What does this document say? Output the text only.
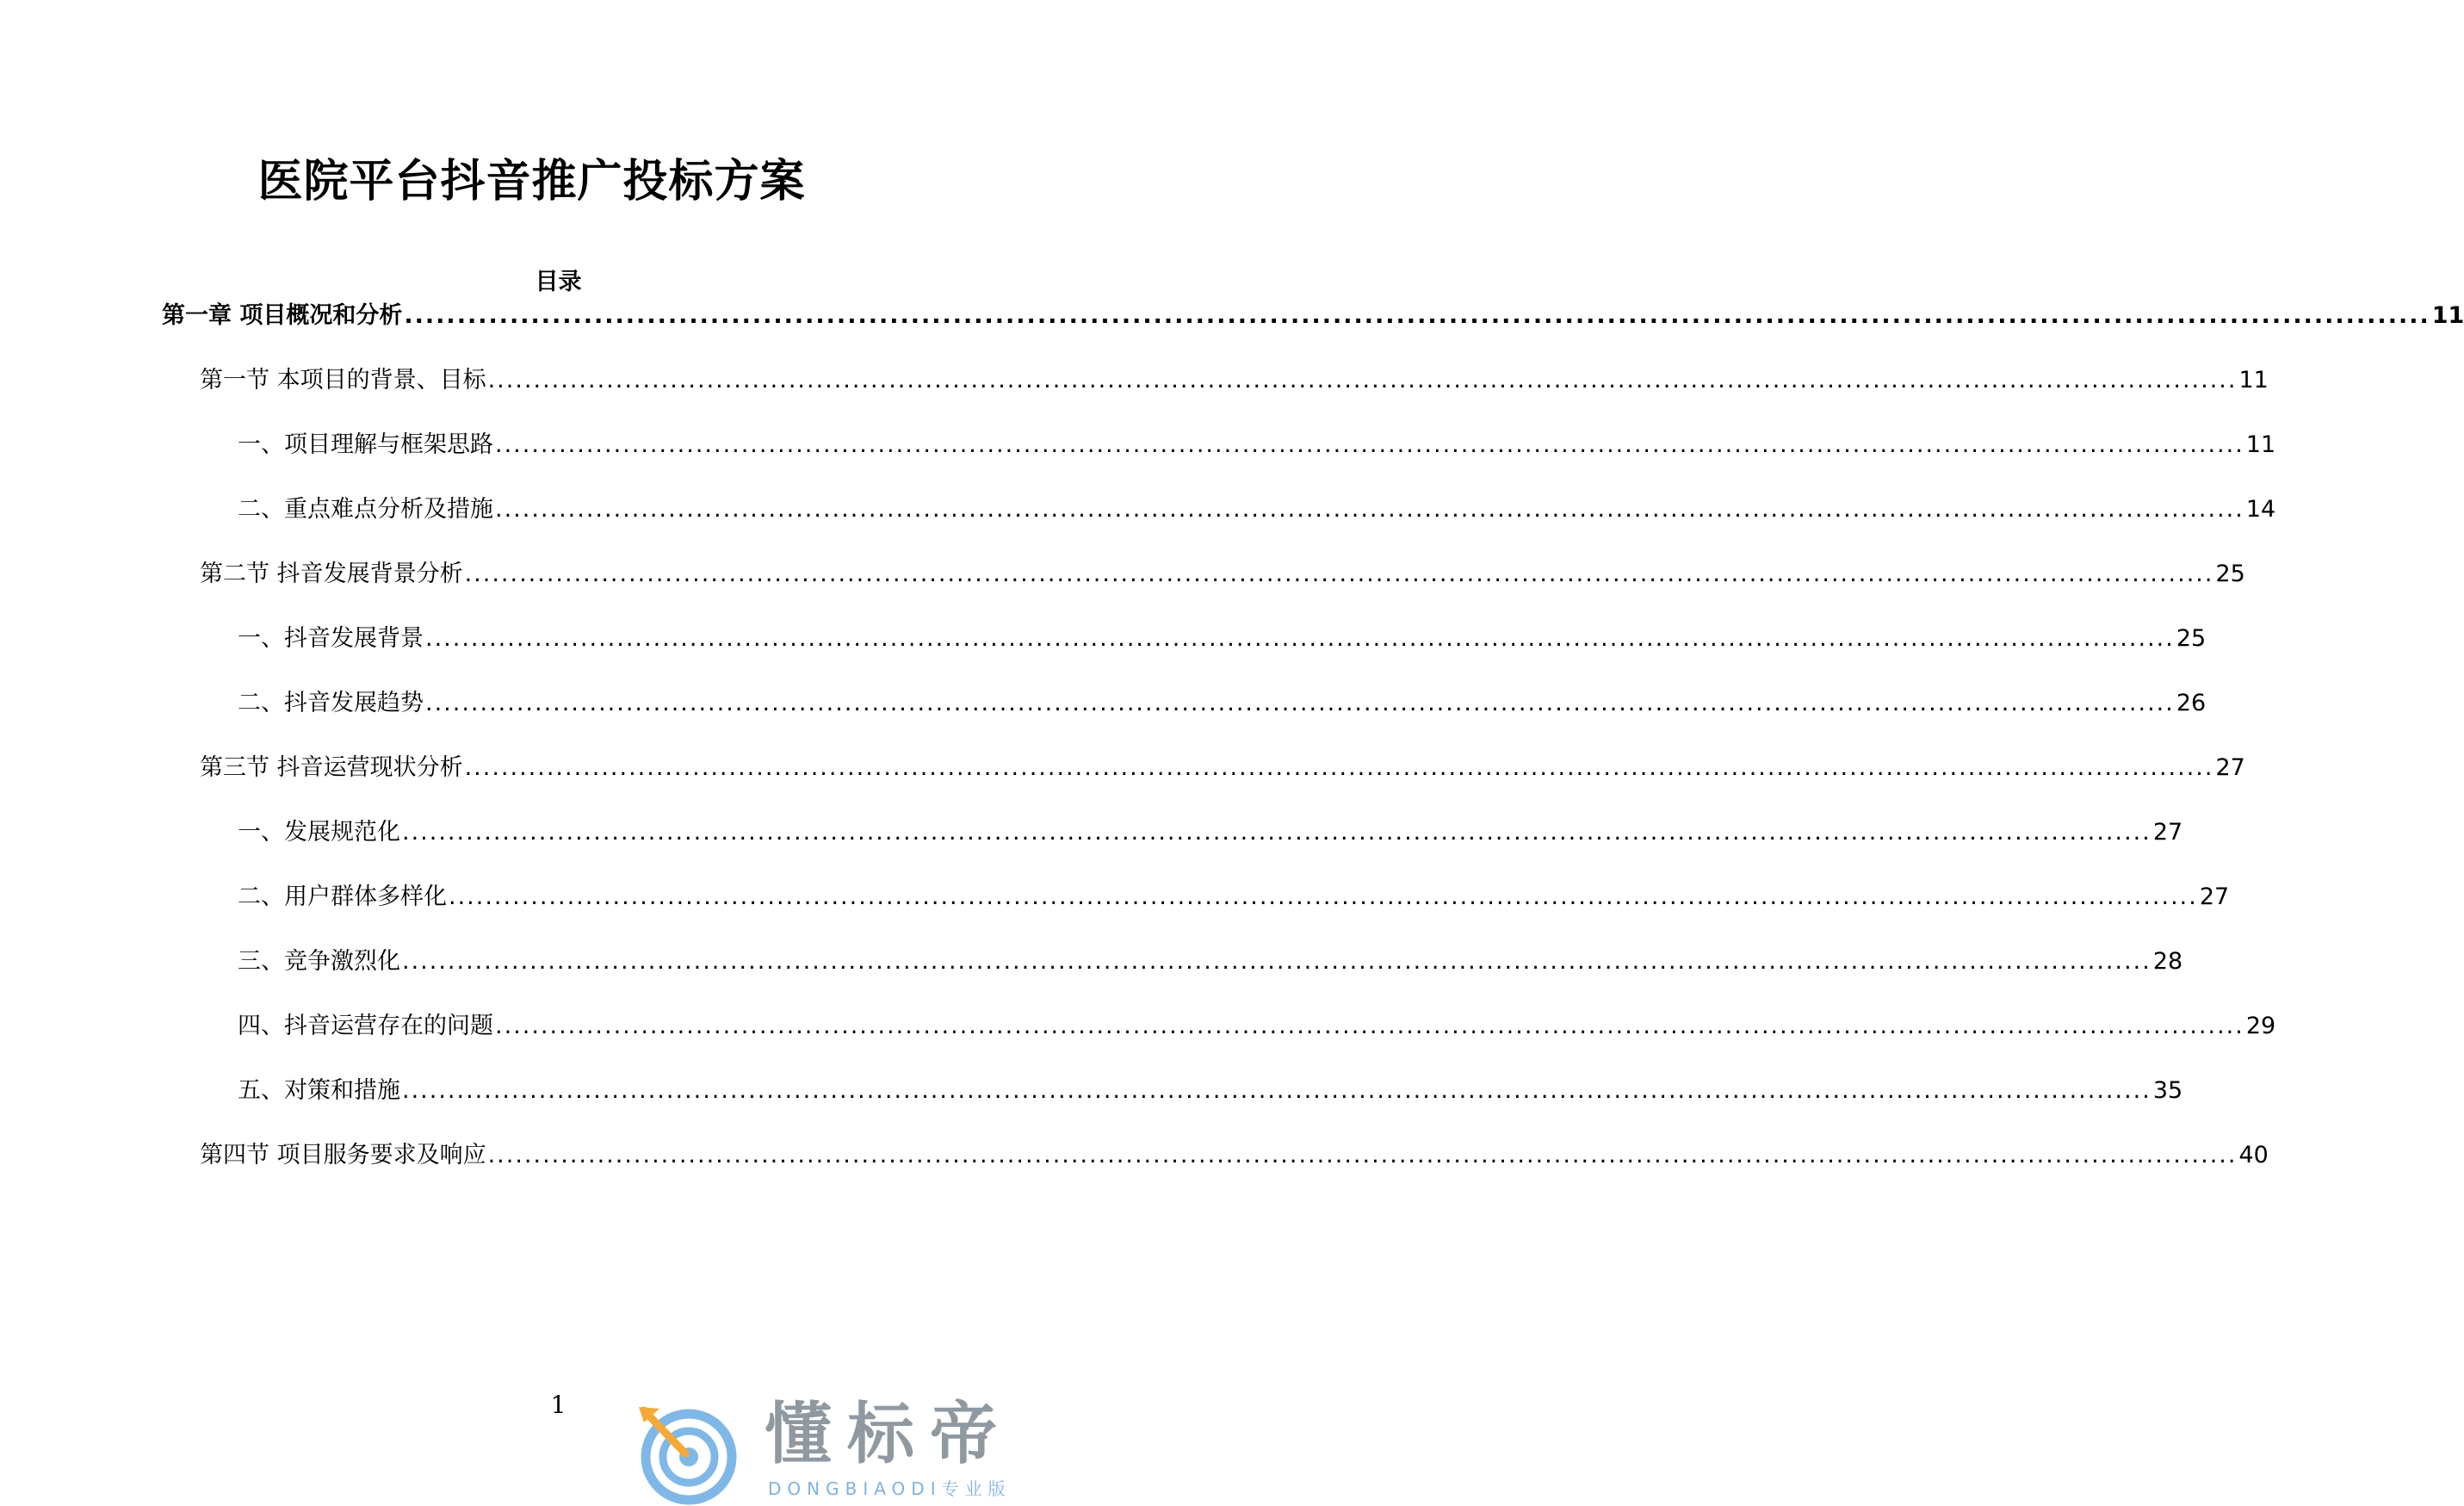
医院平台抖音推广投标方案
目录
第一章 项目概况和分析 ................................................................................................................................................................................................ 11
第一节 本项目的背景、目标 ................................................................................................................................................................................................ 11
一、项目理解与框架思路 ................................................................................................................................................................................................ 11
二、重点难点分析及措施 ................................................................................................................................................................................................ 14
第二节 抖音发展背景分析 ................................................................................................................................................................................................ 25
一、抖音发展背景 ................................................................................................................................................................................................ 25
二、抖音发展趋势 ................................................................................................................................................................................................ 26
第三节 抖音运营现状分析 ................................................................................................................................................................................................ 27
一、发展规范化 ................................................................................................................................................................................................ 27
二、用户群体多样化 ................................................................................................................................................................................................ 27
三、竞争激烈化 ................................................................................................................................................................................................ 28
四、抖音运营存在的问题 ................................................................................................................................................................................................ 29
五、对策和措施 ................................................................................................................................................................................................ 35
第四节 项目服务要求及响应 ................................................................................................................................................................................................ 40
1	懂标帝
DONGBIAODI专业版
